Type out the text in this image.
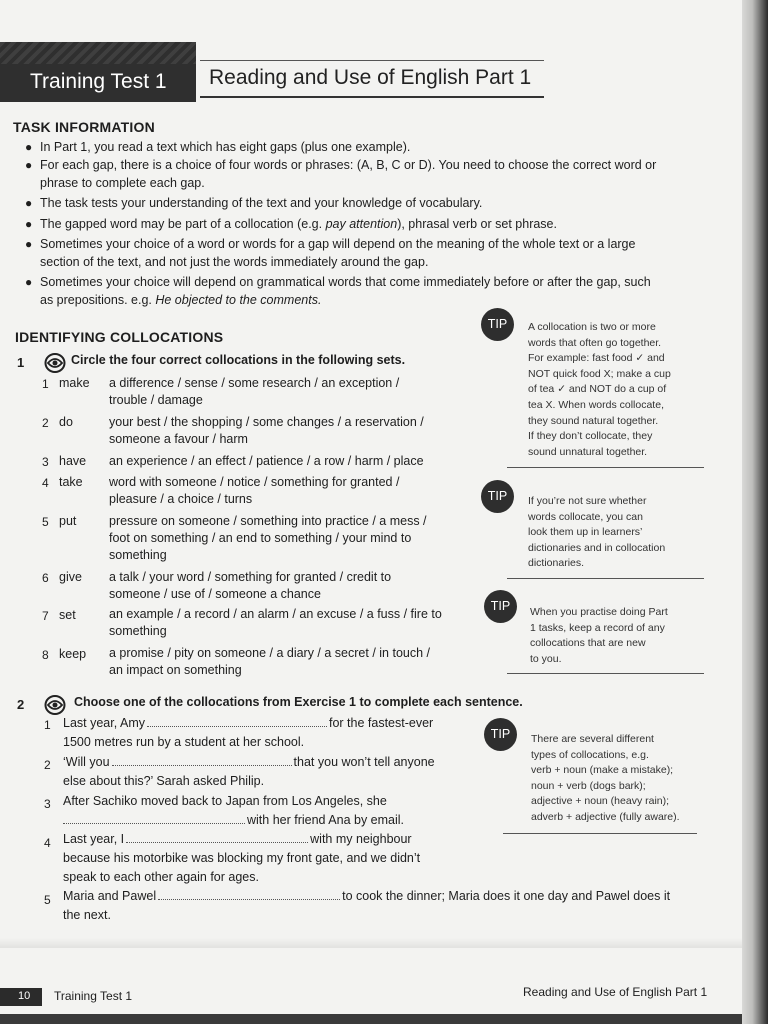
Training Test 1 Reading and Use of English Part 1
TASK INFORMATION
● In Part 1, you read a text which has eight gaps (plus one example).
● For each gap, there is a choice of four words or phrases: (A, B, C or D). You need to choose the correct word or
phrase to complete each gap.
● The task tests your understanding of the text and your knowledge of vocabulary.
● The gapped word may be part of a collocation (e.g. pay attention), phrasal verb or set phrase.
● Sometimes your choice of a word or words for a gap will depend on the meaning of the whole text or a large
section of the text, and not just the words immediately around the gap.
● Sometimes your choice will depend on grammatical words that come immediately before or after the gap, such
as prepositions. e.g. He objected to the comments.
IDENTIFYING COLLOCATIONS
1	Circle the four correct collocations in the following sets.
1 make a difference / sense / some research / an exception /
trouble / damage
2 do	your best / the shopping / some changes / a reservation /
someone a favour / harm
3 have an experience / an effect / patience / a row / harm / place
4 take word with someone / notice / something for granted /
pleasure / a choice / turns
5 put	pressure on someone / something into practice / a mess /
foot on something / an end to something / your mind to
something
6 give a talk / your word / something for granted / credit to
someone / use of / someone a chance
7 set	an example / a record / an alarm / an excuse / a fuss / fire to
something
8 keep a promise / pity on someone / a diary / a secret / in touch /
an impact on something
2	Choose one of the collocations from Exercise 1 to complete each sentence.
1 Last year, Amy	for the fastest-ever
1500 metres run by a student at her school.
2 ‘Will you	that you won’t tell anyone
else about this?’ Sarah asked Philip.
3 After Sachiko moved back to Japan from Los Angeles, she
with her friend Ana by email.
4 Last year, I	with my neighbour
because his motorbike was blocking my front gate, and we didn’t
speak to each other again for ages.
5 Maria and Pawel	to cook the dinner; Maria does it one day and Pawel does it
the next.
TIP	A collocation is two or more
words that often go together.
For example: fast food ✓ and
NOT quick food X; make a cup
of tea ✓ and NOT do a cup of
tea X. When words collocate,
they sound natural together.
If they don’t collocate, they
sound unnatural together.
TIP	If you’re not sure whether
words collocate, you can
look them up in learners’
dictionaries and in collocation
dictionaries.
TIP	When you practise doing Part
1 tasks, keep a record of any
collocations that are new
to you.
TIP	There are several different
types of collocations, e.g.
verb + noun (make a mistake);
noun + verb (dogs bark);
adjective + noun (heavy rain);
adverb + adjective (fully aware).
10 Training Test 1	Reading and Use of English Part 1
